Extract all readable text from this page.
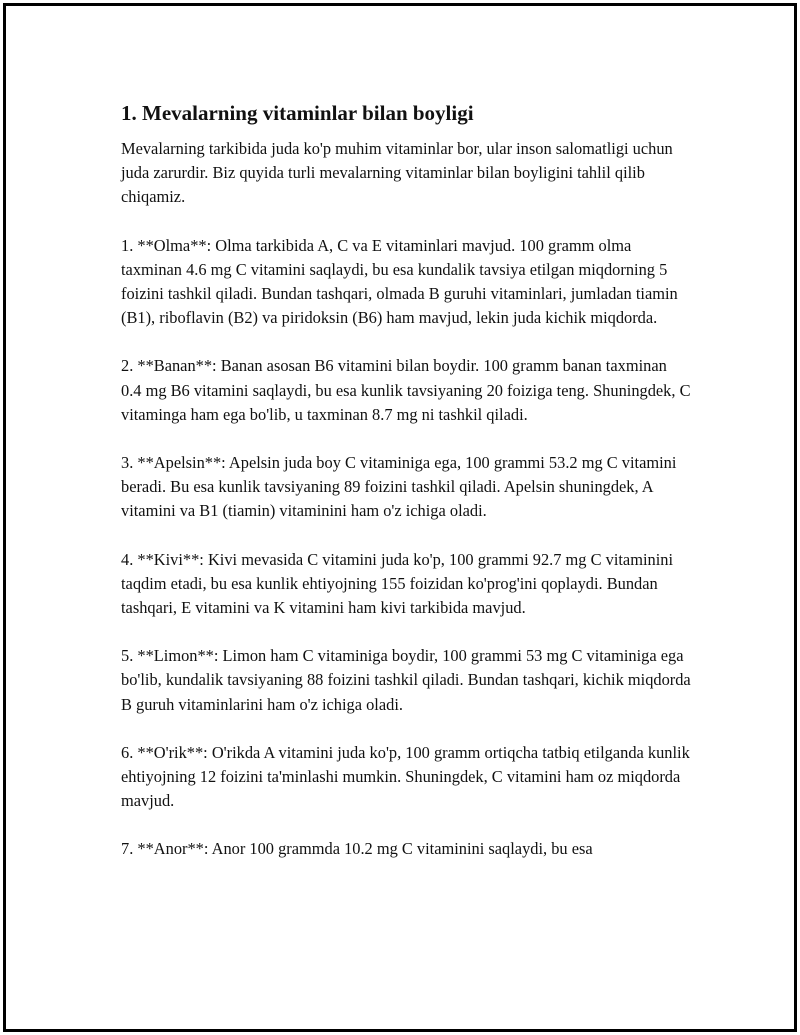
1. Mevalarning vitaminlar bilan boyligi

Mevalarning tarkibida juda ko'p muhim vitaminlar bor, ular inson salomatligi uchun juda zarurdir. Biz quyida turli mevalarning vitaminlar bilan boyligini tahlil qilib chiqamiz.

1. **Olma**: Olma tarkibida A, C va E vitaminlari mavjud. 100 gramm olma taxminan 4.6 mg C vitamini saqlaydi, bu esa kundalik tavsiya etilgan miqdorning 5 foizini tashkil qiladi. Bundan tashqari, olmada B guruhi vitaminlari, jumladan tiamin (B1), riboflavin (B2) va piridoksin (B6) ham mavjud, lekin juda kichik miqdorda.

2. **Banan**: Banan asosan B6 vitamini bilan boydir. 100 gramm banan taxminan 0.4 mg B6 vitamini saqlaydi, bu esa kunlik tavsiyaning 20 foiziga teng. Shuningdek, C vitaminga ham ega bo'lib, u taxminan 8.7 mg ni tashkil qiladi.

3. **Apelsin**: Apelsin juda boy C vitaminiga ega, 100 grammi 53.2 mg C vitamini beradi. Bu esa kunlik tavsiyaning 89 foizini tashkil qiladi. Apelsin shuningdek, A vitamini va B1 (tiamin) vitaminini ham o'z ichiga oladi.

4. **Kivi**: Kivi mevasida C vitamini juda ko'p, 100 grammi 92.7 mg C vitaminini taqdim etadi, bu esa kunlik ehtiyojning 155 foizidan ko'prog'ini qoplaydi. Bundan tashqari, E vitamini va K vitamini ham kivi tarkibida mavjud.

5. **Limon**: Limon ham C vitaminiga boydir, 100 grammi 53 mg C vitaminiga ega bo'lib, kundalik tavsiyaning 88 foizini tashkil qiladi. Bundan tashqari, kichik miqdorda B guruh vitaminlarini ham o'z ichiga oladi.

6. **O'rik**: O'rikda A vitamini juda ko'p, 100 gramm ortiqcha tatbiq etilganda kunlik ehtiyojning 12 foizini ta'minlashi mumkin. Shuningdek, C vitamini ham oz miqdorda mavjud.

7. **Anor**: Anor 100 grammda 10.2 mg C vitaminini saqlaydi, bu esa
